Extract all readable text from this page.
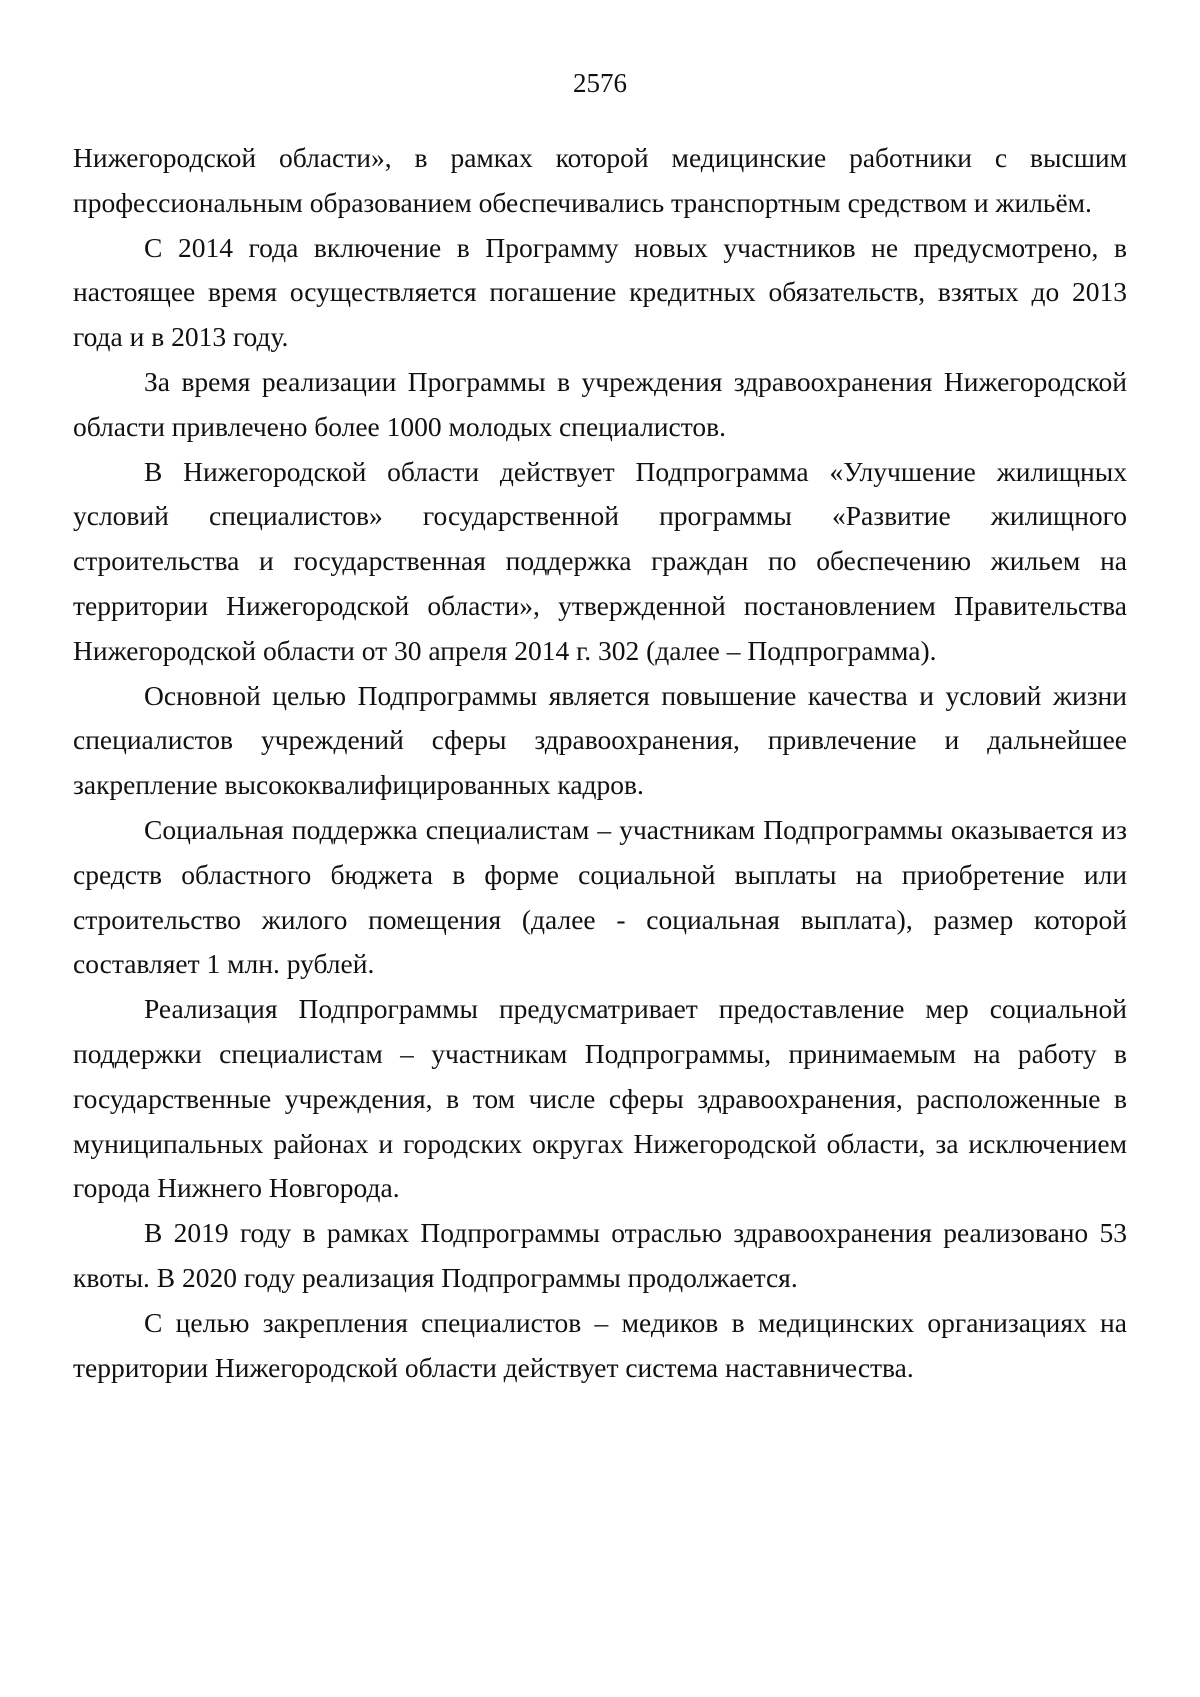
2576

Нижегородской области», в рамках которой медицинские работники с высшим профессиональным образованием обеспечивались транспортным средством и жильём.

С 2014 года включение в Программу новых участников не предусмотрено, в настоящее время осуществляется погашение кредитных обязательств, взятых до 2013 года и в 2013 году.

За время реализации Программы в учреждения здравоохранения Нижегородской области привлечено более 1000 молодых специалистов.

В Нижегородской области действует Подпрограмма «Улучшение жилищных условий специалистов» государственной программы «Развитие жилищного строительства и государственная поддержка граждан по обеспечению жильем на территории Нижегородской области», утвержденной постановлением Правительства Нижегородской области от 30 апреля 2014 г. 302 (далее – Подпрограмма).

Основной целью Подпрограммы является повышение качества и условий жизни специалистов учреждений сферы здравоохранения, привлечение и дальнейшее закрепление высококвалифицированных кадров.

Социальная поддержка специалистам – участникам Подпрограммы оказывается из средств областного бюджета в форме социальной выплаты на приобретение или строительство жилого помещения (далее - социальная выплата), размер которой составляет 1 млн. рублей.

Реализация Подпрограммы предусматривает предоставление мер социальной поддержки специалистам – участникам Подпрограммы, принимаемым на работу в государственные учреждения, в том числе сферы здравоохранения, расположенные в муниципальных районах и городских округах Нижегородской области, за исключением города Нижнего Новгорода.

В 2019 году в рамках Подпрограммы отраслью здравоохранения реализовано 53 квоты. В 2020 году реализация Подпрограммы продолжается.

С целью закрепления специалистов – медиков в медицинских организациях на территории Нижегородской области действует система наставничества.
